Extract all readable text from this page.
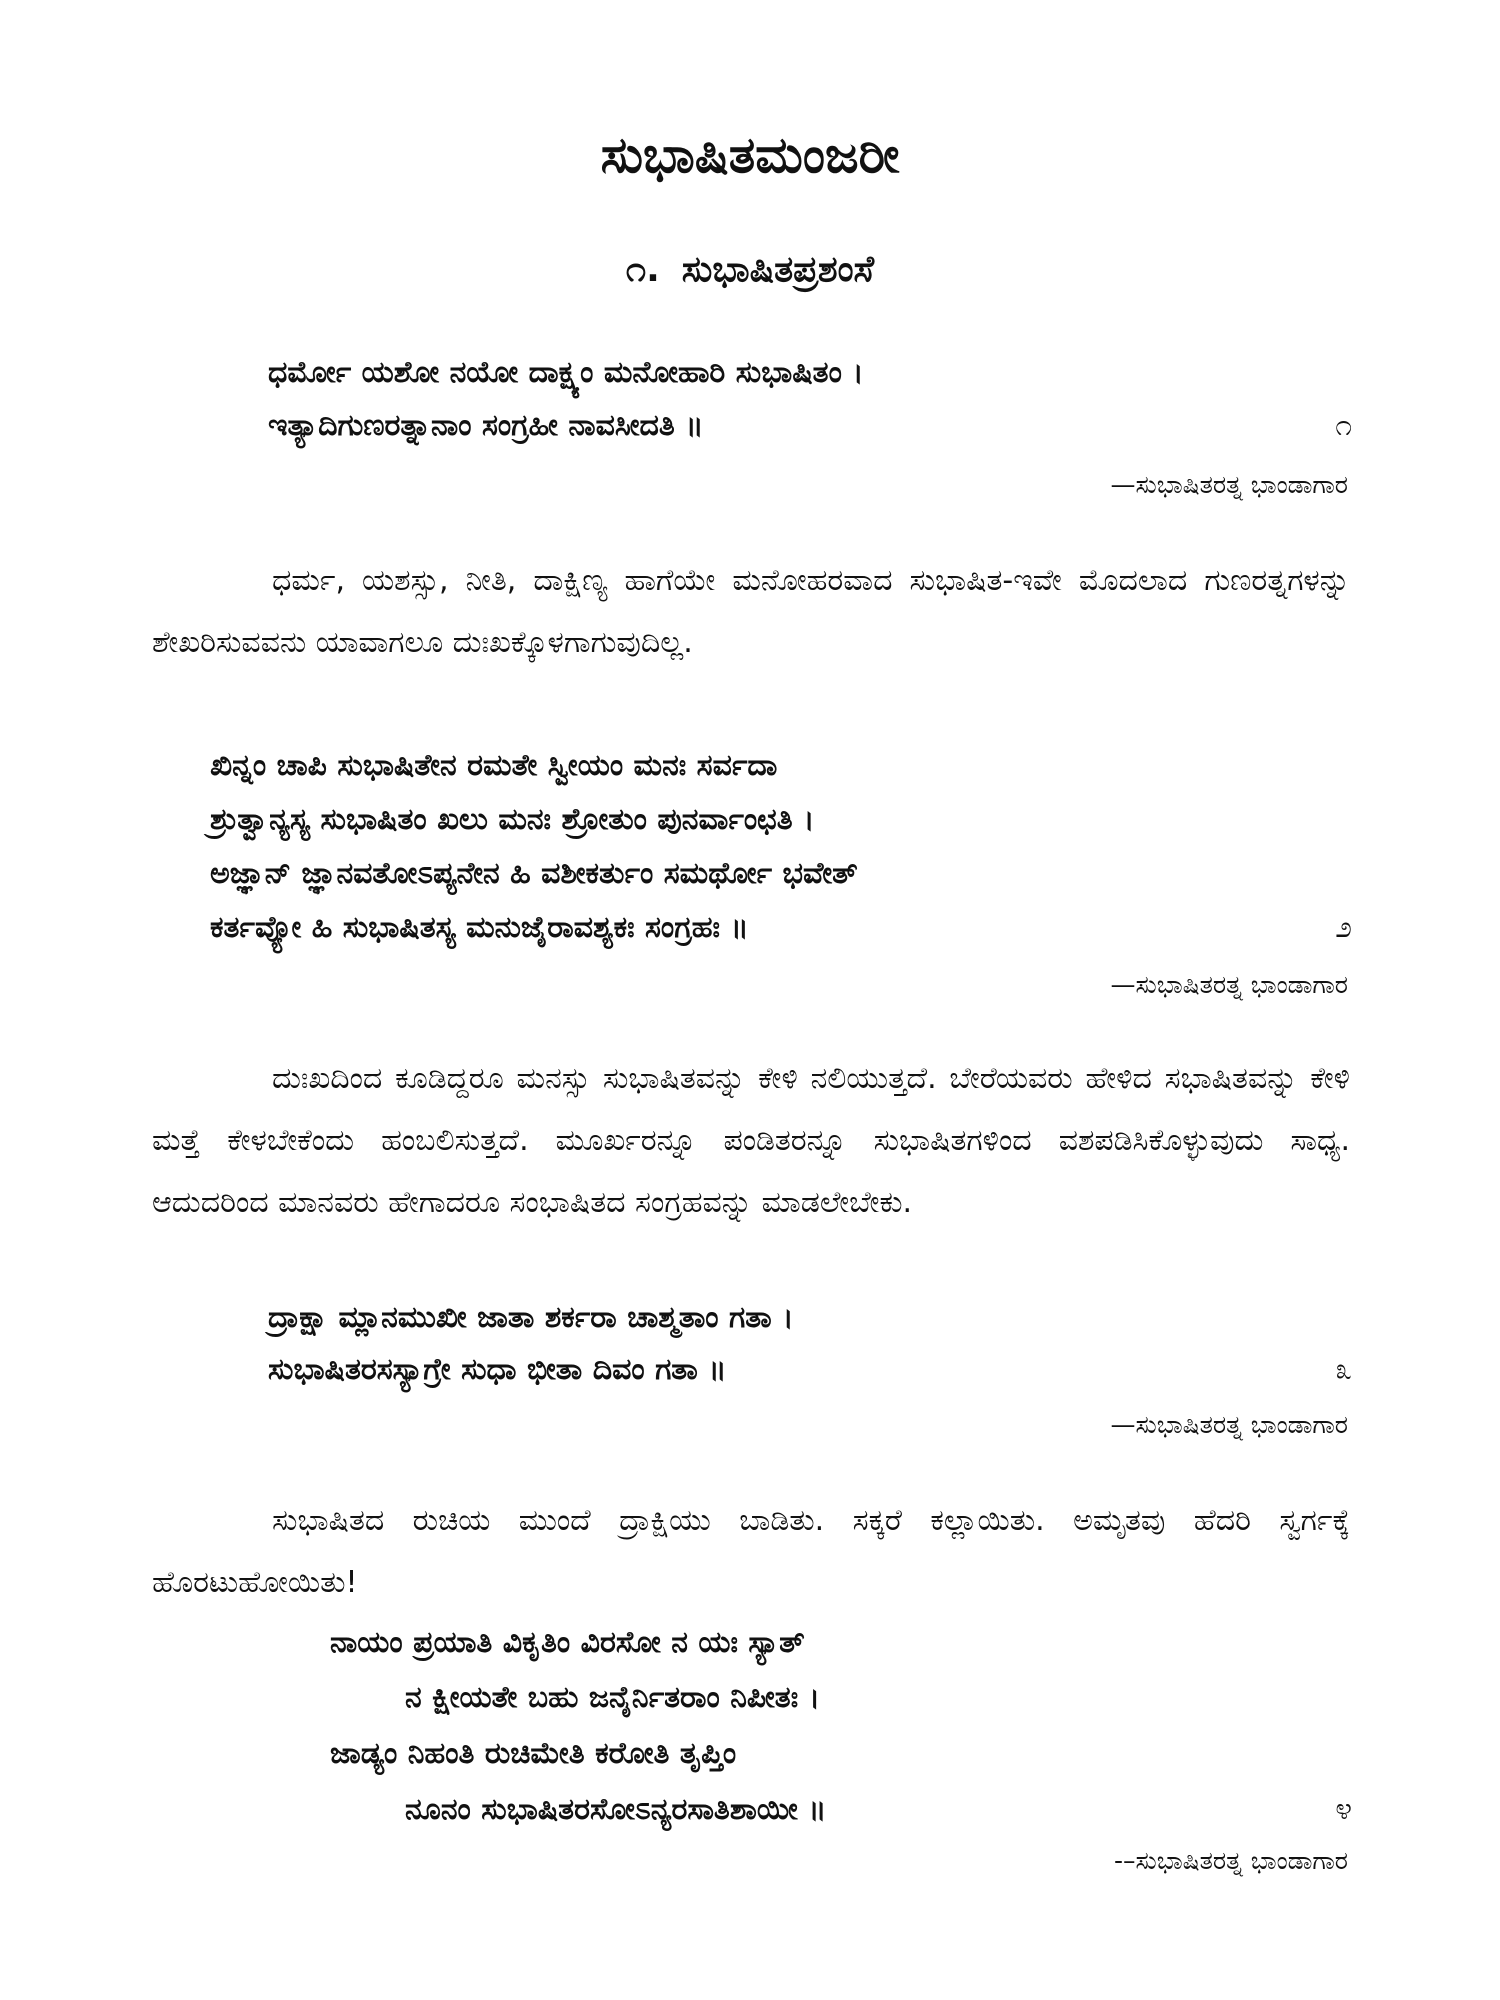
ಸುಭಾಷಿತಮಂಜರೀ
೧. ಸುಭಾಷಿತಪ್ರಶಂಸೆ
ಧರ್ಮೋ ಯಶೋ ನಯೋ ದಾಕ್ಷ್ಯಂ ಮನೋಹಾರಿ ಸುಭಾಷಿತಂ ।
ಇತ್ಯಾದಿಗುಣರತ್ನಾನಾಂ ಸಂಗ್ರಹೀ ನಾವಸೀದತಿ ॥	೧
—ಸುಭಾಷಿತರತ್ನ ಭಾಂಡಾಗಾರ

ಧರ್ಮ, ಯಶಸ್ಸು, ನೀತಿ, ದಾಕ್ಷಿಣ್ಯ ಹಾಗೆಯೇ ಮನೋಹರವಾದ ಸುಭಾಷಿತ-ಇವೇ ಮೊದಲಾದ ಗುಣರತ್ನಗಳನ್ನು ಶೇಖರಿಸುವವನು ಯಾವಾಗಲೂ ದುಃಖಕ್ಕೊಳಗಾಗುವುದಿಲ್ಲ.

ಖಿನ್ನಂ ಚಾಪಿ ಸುಭಾಷಿತೇನ ರಮತೇ ಸ್ವೀಯಂ ಮನಃ ಸರ್ವದಾ
ಶ್ರುತ್ವಾನ್ಯಸ್ಯ ಸುಭಾಷಿತಂ ಖಲು ಮನಃ ಶ್ರೋತುಂ ಪುನರ್ವಾಂಛತಿ ।
ಅಜ್ಞಾನ್ ಜ್ಞಾನವತೋಽಪ್ಯನೇನ ಹಿ ವಶೀಕರ್ತುಂ ಸಮರ್ಥೋ ಭವೇತ್
ಕರ್ತವ್ಯೋ ಹಿ ಸುಭಾಷಿತಸ್ಯ ಮನುಜೈರಾವಶ್ಯಕಃ ಸಂಗ್ರಹಃ ॥	೨
—ಸುಭಾಷಿತರತ್ನ ಭಾಂಡಾಗಾರ

ದುಃಖದಿಂದ ಕೂಡಿದ್ದರೂ ಮನಸ್ಸು ಸುಭಾಷಿತವನ್ನು ಕೇಳಿ ನಲಿಯುತ್ತದೆ. ಬೇರೆಯವರು ಹೇಳಿದ ಸಭಾಷಿತವನ್ನು ಕೇಳಿ ಮತ್ತೆ ಕೇಳಬೇಕೆಂದು ಹಂಬಲಿಸುತ್ತದೆ. ಮೂರ್ಖರನ್ನೂ ಪಂಡಿತರನ್ನೂ ಸುಭಾಷಿತಗಳಿಂದ ವಶಪಡಿಸಿಕೊಳ್ಳುವುದು ಸಾಧ್ಯ. ಆದುದರಿಂದ ಮಾನವರು ಹೇಗಾದರೂ ಸಂಭಾಷಿತದ ಸಂಗ್ರಹವನ್ನು ಮಾಡಲೇಬೇಕು.

ದ್ರಾಕ್ಷಾ ಮ್ಲಾನಮುಖೀ ಜಾತಾ ಶರ್ಕರಾ ಚಾಶ್ಮತಾಂ ಗತಾ ।
ಸುಭಾಷಿತರಸಸ್ಯಾಗ್ರೇ ಸುಧಾ ಭೀತಾ ದಿವಂ ಗತಾ ॥	೩
—ಸುಭಾಷಿತರತ್ನ ಭಾಂಡಾಗಾರ

ಸುಭಾಷಿತದ ರುಚಿಯ ಮುಂದೆ ದ್ರಾಕ್ಷಿಯು ಬಾಡಿತು. ಸಕ್ಕರೆ ಕಲ್ಲಾಯಿತು. ಅಮೃತವು ಹೆದರಿ ಸ್ವರ್ಗಕ್ಕೆ ಹೊರಟುಹೋಯಿತು!

ನಾಯಂ ಪ್ರಯಾತಿ ವಿಕೃತಿಂ ವಿರಸೋ ನ ಯಃ ಸ್ಯಾತ್
ನ ಕ್ಷೀಯತೇ ಬಹು ಜನೈರ್ನಿತರಾಂ ನಿಪೀತಃ ।
ಜಾಡ್ಯಂ ನಿಹಂತಿ ರುಚಿಮೇತಿ ಕರೋತಿ ತೃಪ್ತಿಂ
ನೂನಂ ಸುಭಾಷಿತರಸೋಽನ್ಯರಸಾತಿಶಾಯೀ ॥	೪
-–ಸುಭಾಷಿತರತ್ನ ಭಾಂಡಾಗಾರ
